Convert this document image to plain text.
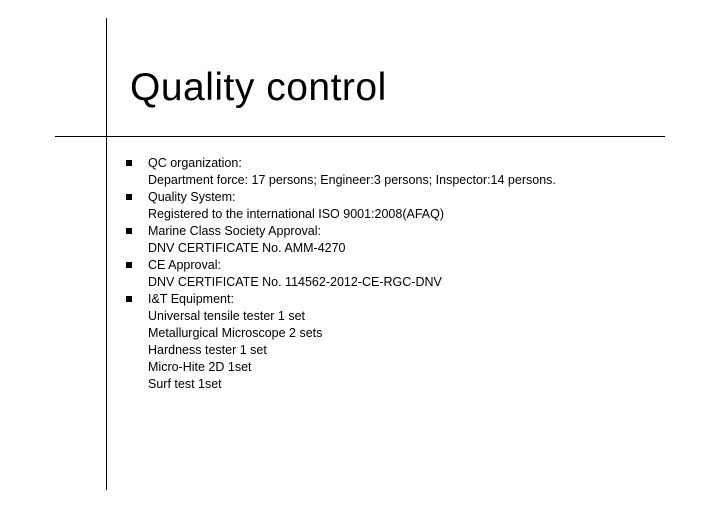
Quality control
QC organization:
Department force: 17 persons; Engineer:3 persons; Inspector:14 persons.
Quality System:
Registered to the international ISO 9001:2008(AFAQ)
Marine Class Society Approval:
DNV CERTIFICATE No. AMM-4270
CE Approval:
DNV CERTIFICATE No. 114562-2012-CE-RGC-DNV
I&T Equipment:
Universal tensile tester 1 set
Metallurgical Microscope 2 sets
Hardness tester 1 set
Micro-Hite 2D 1set
Surf test 1set
